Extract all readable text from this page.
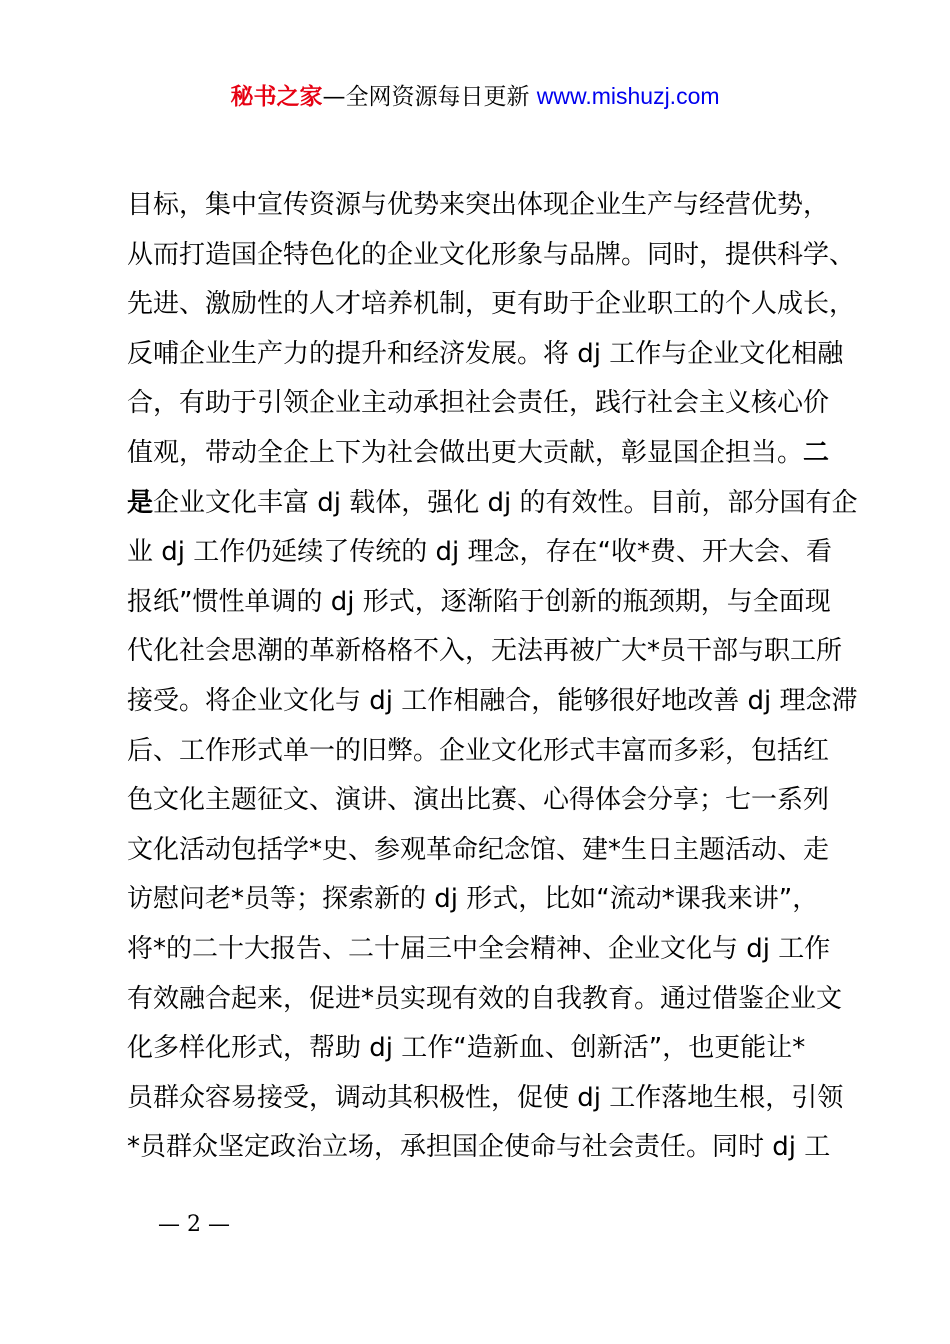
秘书之家—全网资源每日更新 www.mishuzj.com
目标，集中宣传资源与优势来突出体现企业生产与经营优势，
从而打造国企特色化的企业文化形象与品牌。同时，提供科学、
先进、激励性的人才培养机制，更有助于企业职工的个人成长，
反哺企业生产力的提升和经济发展。将 dj 工作与企业文化相融
合，有助于引领企业主动承担社会责任，践行社会主义核心价
值观，带动全企上下为社会做出更大贡献，彰显国企担当。二
是企业文化丰富 dj 载体，强化 dj 的有效性。目前，部分国有企
业 dj 工作仍延续了传统的 dj 理念，存在“收*费、开大会、看
报纸”惯性单调的 dj 形式，逐渐陷于创新的瓶颈期，与全面现
代化社会思潮的革新格格不入，无法再被广大*员干部与职工所
接受。将企业文化与 dj 工作相融合，能够很好地改善 dj 理念滞
后、工作形式单一的旧弊。企业文化形式丰富而多彩，包括红
色文化主题征文、演讲、演出比赛、心得体会分享；七一系列
文化活动包括学*史、参观革命纪念馆、建*生日主题活动、走
访慰问老*员等；探索新的 dj 形式，比如“流动*课我来讲”，
将*的二十大报告、二十届三中全会精神、企业文化与 dj 工作
有效融合起来，促进*员实现有效的自我教育。通过借鉴企业文
化多样化形式，帮助 dj 工作“造新血、创新活”，也更能让*
员群众容易接受，调动其积极性，促使 dj 工作落地生根，引领
*员群众坚定政治立场，承担国企使命与社会责任。同时 dj 工
— 2 —
